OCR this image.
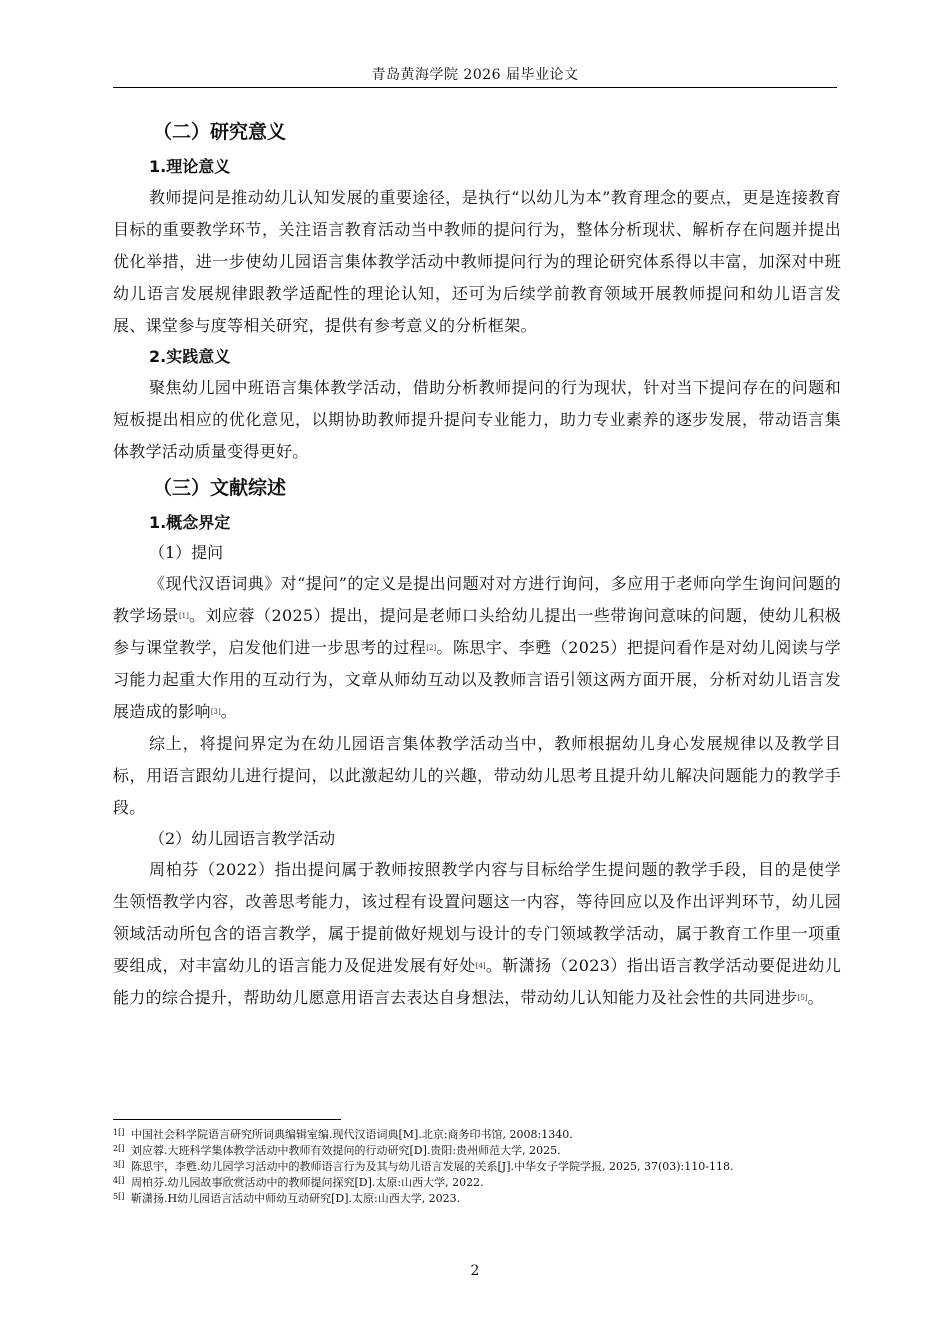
青岛黄海学院 2026 届毕业论文
（二）研究意义
1.理论意义

教师提问是推动幼儿认知发展的重要途径，是执行“以幼儿为本”教育理念的要点，更是连接教育目标的重要教学环节，关注语言教育活动当中教师的提问行为，整体分析现状、解析存在问题并提出优化举措，进一步使幼儿园语言集体教学活动中教师提问行为的理论研究体系得以丰富，加深对中班幼儿语言发展规律跟教学适配性的理论认知，还可为后续学前教育领域开展教师提问和幼儿语言发展、课堂参与度等相关研究，提供有参考意义的分析框架。

2.实践意义

聚焦幼儿园中班语言集体教学活动，借助分析教师提问的行为现状，针对当下提问存在的问题和短板提出相应的优化意见，以期协助教师提升提问专业能力，助力专业素养的逐步发展，带动语言集体教学活动质量变得更好。

（三）文献综述
1.概念界定
（1）提问

《现代汉语词典》对“提问”的定义是提出问题对对方进行询问，多应用于老师向学生询问问题的教学场景[1]。刘应蓉（2025）提出，提问是老师口头给幼儿提出一些带询问意味的问题，使幼儿积极参与课堂教学，启发他们进一步思考的过程[2]。陈思宇、李甦（2025）把提问看作是对幼儿阅读与学习能力起重大作用的互动行为，文章从师幼互动以及教师言语引领这两方面开展，分析对幼儿语言发展造成的影响[3]。

综上，将提问界定为在幼儿园语言集体教学活动当中，教师根据幼儿身心发展规律以及教学目标，用语言跟幼儿进行提问，以此激起幼儿的兴趣，带动幼儿思考且提升幼儿解决问题能力的教学手段。

（2）幼儿园语言教学活动

周柏芬（2022）指出提问属于教师按照教学内容与目标给学生提问题的教学手段，目的是使学生领悟教学内容，改善思考能力，该过程有设置问题这一内容，等待回应以及作出评判环节，幼儿园领域活动所包含的语言教学，属于提前做好规划与设计的专门领域教学活动，属于教育工作里一项重要组成，对丰富幼儿的语言能力及促进发展有好处[4]。靳潇扬（2023）指出语言教学活动要促进幼儿能力的综合提升，帮助幼儿愿意用语言去表达自身想法，带动幼儿认知能力及社会性的共同进步[5]。

1[] 中国社会科学院语言研究所词典编辑室编.现代汉语词典[M].北京:商务印书馆, 2008:1340.
2[] 刘应蓉.大班科学集体教学活动中教师有效提问的行动研究[D].贵阳:贵州师范大学, 2025.
3[] 陈思宇，李甦.幼儿园学习活动中的教师语言行为及其与幼儿语言发展的关系[J].中华女子学院学报, 2025, 37(03):110-118.
4[] 周柏芬.幼儿园故事欣赏活动中的教师提问探究[D].太原:山西大学, 2022.
5[] 靳潇扬.H幼儿园语言活动中师幼互动研究[D].太原:山西大学, 2023.
2
